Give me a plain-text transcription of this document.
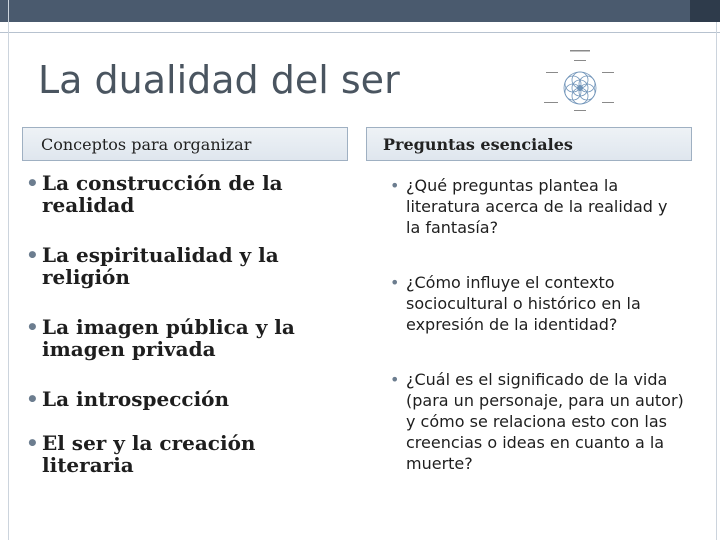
La dualidad del ser
Conceptos para organizar	Preguntas esenciales
• La construcción de la realidad
• La espiritualidad y la religión
• La imagen pública y la imagen privada
• La introspección
• El ser y la creación literaria
• ¿Qué preguntas plantea la literatura acerca de la realidad y la fantasía?
• ¿Cómo influye el contexto sociocultural o histórico en la expresión de la identidad?
• ¿Cuál es el significado de la vida (para un personaje, para un autor) y cómo se relaciona esto con las creencias o ideas en cuanto a la muerte?
